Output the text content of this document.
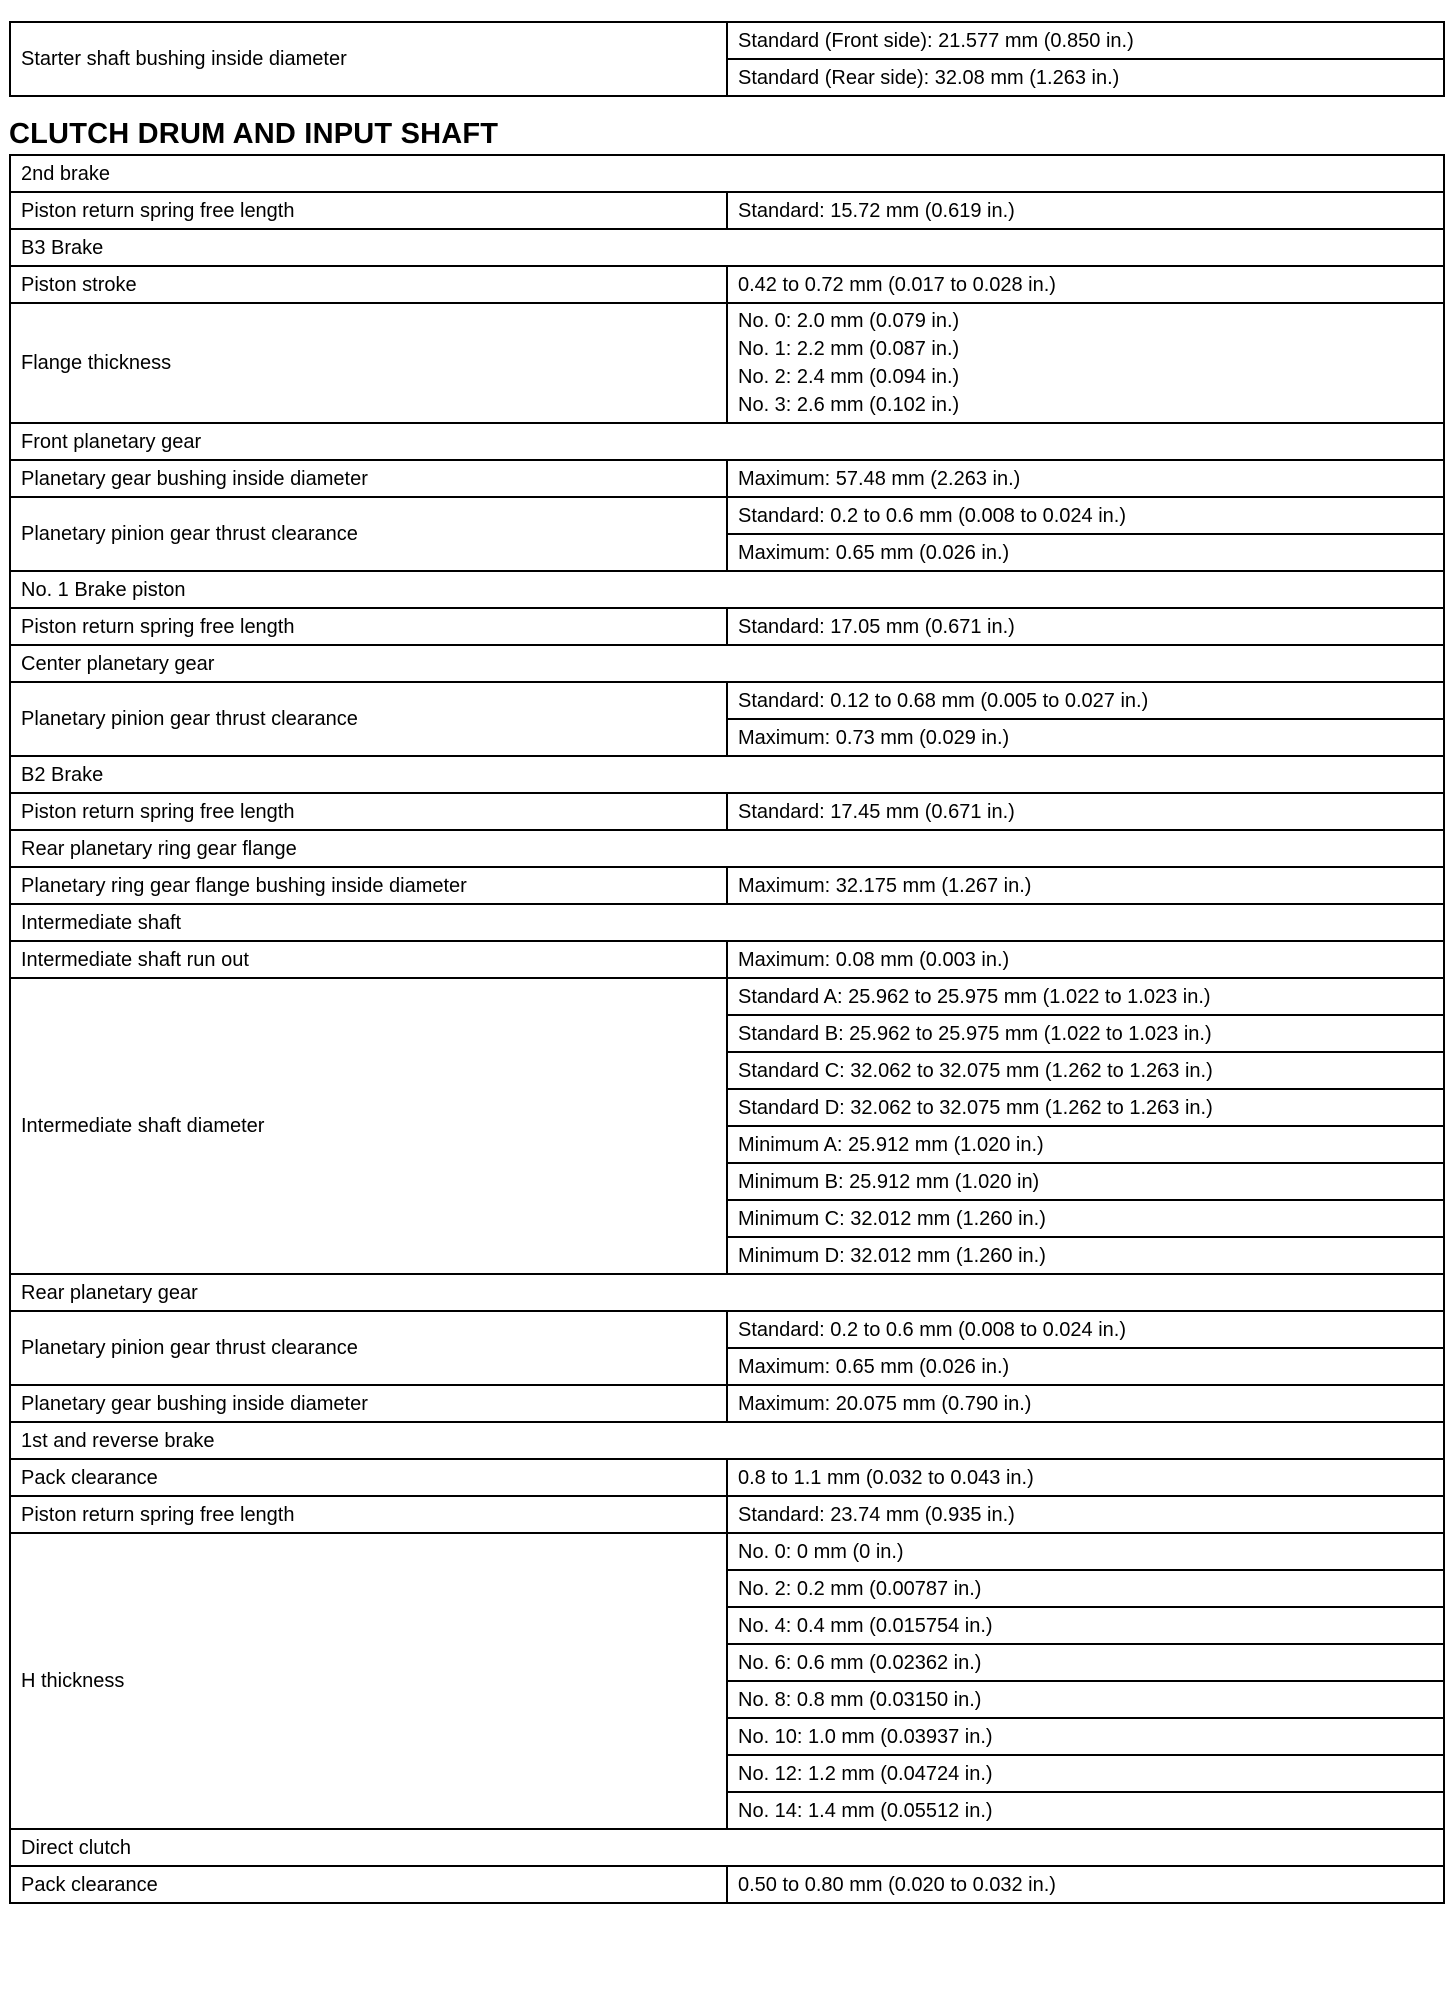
Starter shaft bushing inside diameter	Standard (Front side): 21.577 mm (0.850 in.)
Standard (Rear side): 32.08 mm (1.263 in.)
CLUTCH DRUM AND INPUT SHAFT
2nd brake	
Piston return spring free length	Standard: 15.72 mm (0.619 in.)
B3 Brake	
Piston stroke	0.42 to 0.72 mm (0.017 to 0.028 in.)
Flange thickness	No. 0: 2.0 mm (0.079 in.)
No. 1: 2.2 mm (0.087 in.)
No. 2: 2.4 mm (0.094 in.)
No. 3: 2.6 mm (0.102 in.)

Front planetary gear	
Planetary gear bushing inside diameter	Maximum: 57.48 mm (2.263 in.)
Planetary pinion gear thrust clearance	Standard: 0.2 to 0.6 mm (0.008 to 0.024 in.)
	Maximum: 0.65 mm (0.026 in.)
No. 1 Brake piston	
Piston return spring free length	Standard: 17.05 mm (0.671 in.)
Center planetary gear	
Planetary pinion gear thrust clearance	Standard: 0.12 to 0.68 mm (0.005 to 0.027 in.)
	Maximum: 0.73 mm (0.029 in.)
B2 Brake	
Piston return spring free length	Standard: 17.45 mm (0.671 in.)
Rear planetary ring gear flange	
Planetary ring gear flange bushing inside diameter	Maximum: 32.175 mm (1.267 in.)
Intermediate shaft	
Intermediate shaft run out	Maximum: 0.08 mm (0.003 in.)
Intermediate shaft diameter	Standard A: 25.962 to 25.975 mm (1.022 to 1.023 in.)
	Standard B: 25.962 to 25.975 mm (1.022 to 1.023 in.)
	Standard C: 32.062 to 32.075 mm (1.262 to 1.263 in.)
	Standard D: 32.062 to 32.075 mm (1.262 to 1.263 in.)
	Minimum A: 25.912 mm (1.020 in.)
	Minimum B: 25.912 mm (1.020 in)
	Minimum C: 32.012 mm (1.260 in.)
	Minimum D: 32.012 mm (1.260 in.)
Rear planetary gear	
Planetary pinion gear thrust clearance	Standard: 0.2 to 0.6 mm (0.008 to 0.024 in.)
	Maximum: 0.65 mm (0.026 in.)
Planetary gear bushing inside diameter	Maximum: 20.075 mm (0.790 in.)
1st and reverse brake	
Pack clearance	0.8 to 1.1 mm (0.032 to 0.043 in.)
Piston return spring free length	Standard: 23.74 mm (0.935 in.)
H thickness	No. 0: 0 mm (0 in.)
	No. 2: 0.2 mm (0.00787 in.)
	No. 4: 0.4 mm (0.015754 in.)
	No. 6: 0.6 mm (0.02362 in.)
	No. 8: 0.8 mm (0.03150 in.)
	No. 10: 1.0 mm (0.03937 in.)
	No. 12: 1.2 mm (0.04724 in.)
	No. 14: 1.4 mm (0.05512 in.)
Direct clutch	
Pack clearance	0.50 to 0.80 mm (0.020 to 0.032 in.)
